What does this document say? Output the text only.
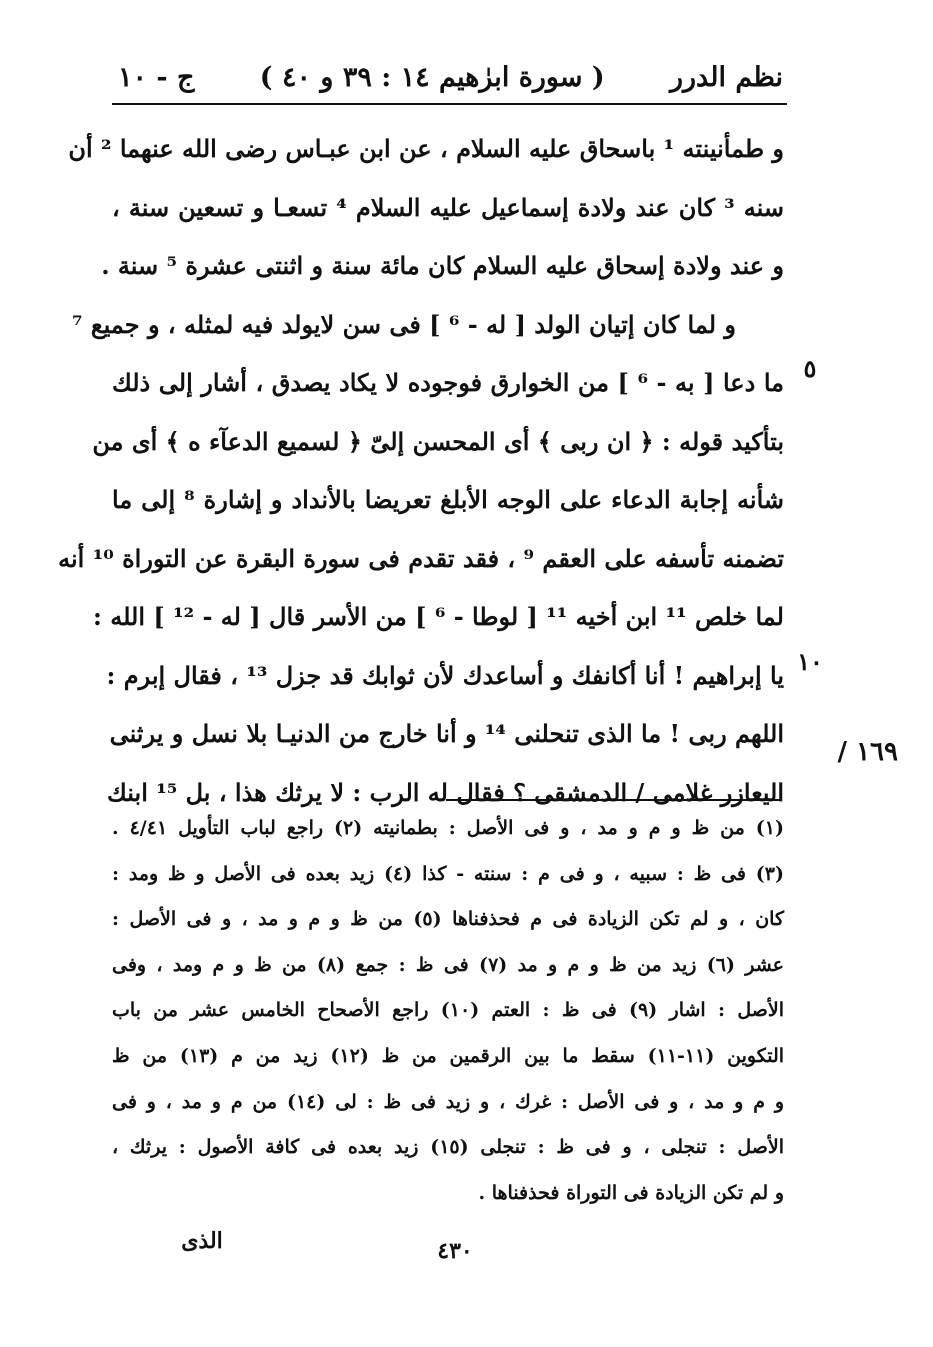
نظم الدرر
( سورة ابرٰهيم ١٤ : ٣٩ و ٤٠ )
ج - ١٠
و طمأنينته ¹ باسحاق عليه السلام ، عن ابن عبـاس رضى الله عنهما ² أن
سنه ³ كان عند ولادة إسماعيل عليه السلام ⁴ تسعـا و تسعين سنة ،
و عند ولادة إسحاق عليه السلام كان مائة سنة و اثنتى عشرة ⁵ سنة .
و لما كان إتيان الولد [ له - ⁶ ] فى سن لايولد فيه لمثله ، و جميع ⁷
ما دعا [ به - ⁶ ] من الخوارق فوجوده لا يكاد يصدق ، أشار إلى ذلك
بتأكيد قوله : ﴿ ان ربى ﴾ أى المحسن إلىّ ﴿ لسميع الدعآء ه ﴾ أى من
شأنه إجابة الدعاء على الوجه الأبلغ تعريضا بالأنداد و إشارة ⁸ إلى ما
تضمنه تأسفه على العقم ⁹ ، فقد تقدم فى سورة البقرة عن التوراة ¹⁰ أنه
لما خلص ¹¹ ابن أخيه ¹¹ [ لوطا - ⁶ ] من الأسر قال [ له - ¹² ] الله :
يا إبراهيم ! أنا أكانفك و أساعدك لأن ثوابك قد جزل ¹³ ، فقال إبرم :
اللهم ربى ! ما الذى تنحلنى ¹⁴ و أنا خارج من الدنيـا بلا نسل و يرثنى
اليعازر غلامى / الدمشقى ؟ فقال له الرب : لا يرثك هذا ، بل ¹⁵ ابنك
٥
١٠
١٦٩ /
(١) من ظ و م و مد ، و فى الأصل : بطمانيته (٢) راجع لباب التأويل ٤/٤١ .
(٣) فى ظ : سبيه ، و فى م : سنته - كذا (٤) زيد بعده فى الأصل و ظ ومد :
كان ، و لم تكن الزيادة فى م فحذفناها (٥) من ظ و م و مد ، و فى الأصل :
عشر (٦) زيد من ظ و م و مد (٧) فى ظ : جمع (٨) من ظ و م ومد ، وفى
الأصل : اشار (٩) فى ظ : العتم (١٠) راجع الأصحاح الخامس عشر من باب
التكوين (١١-١١) سقط ما بين الرقمين من ظ (١٢) زيد من م (١٣) من ظ
و م و مد ، و فى الأصل : غرك ، و زيد فى ظ : لى (١٤) من م و مد ، و فى
الأصل : تنجلى ، و فى ظ : تنجلى (١٥) زيد بعده فى كافة الأصول : يرثك ،
و لم تكن الزيادة فى التوراة فحذفناها .
الذى	٤٣٠
